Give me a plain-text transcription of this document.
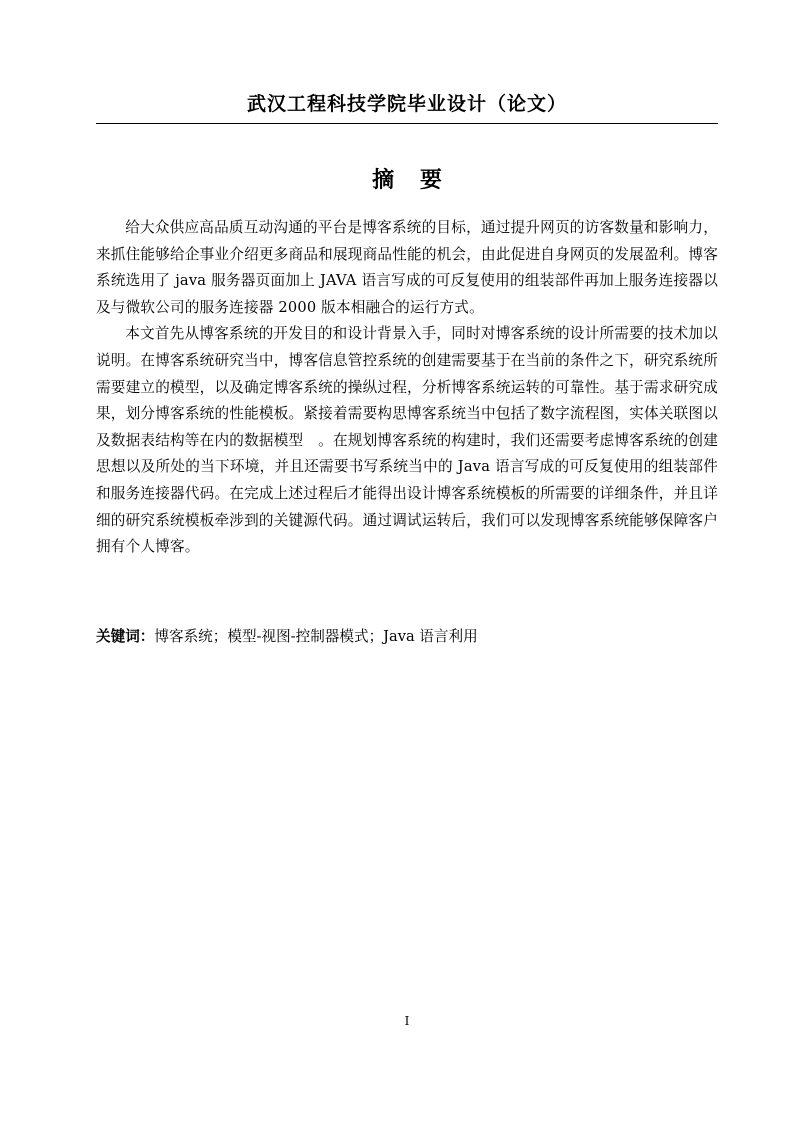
武汉工程科技学院毕业设计（论文）
摘 要

给大众供应高品质互动沟通的平台是博客系统的目标，通过提升网页的访客数量和影响力，来抓住能够给企事业介绍更多商品和展现商品性能的机会，由此促进自身网页的发展盈利。博客系统选用了 java 服务器页面加上 JAVA 语言写成的可反复使用的组装部件再加上服务连接器以及与微软公司的服务连接器 2000 版本相融合的运行方式。

本文首先从博客系统的开发目的和设计背景入手，同时对博客系统的设计所需要的技术加以说明。在博客系统研究当中，博客信息管控系统的创建需要基于在当前的条件之下，研究系统所需要建立的模型，以及确定博客系统的操纵过程，分析博客系统运转的可靠性。基于需求研究成果，划分博客系统的性能模板。紧接着需要构思博客系统当中包括了数字流程图，实体关联图以及数据表结构等在内的数据模型　。在规划博客系统的构建时，我们还需要考虑博客系统的创建思想以及所处的当下环境，并且还需要书写系统当中的 Java 语言写成的可反复使用的组装部件和服务连接器代码。在完成上述过程后才能得出设计博客系统模板的所需要的详细条件，并且详细的研究系统模板牵涉到的关键源代码。通过调试运转后，我们可以发现博客系统能够保障客户拥有个人博客。

关键词：博客系统；模型-视图-控制器模式；Java 语言利用
I
